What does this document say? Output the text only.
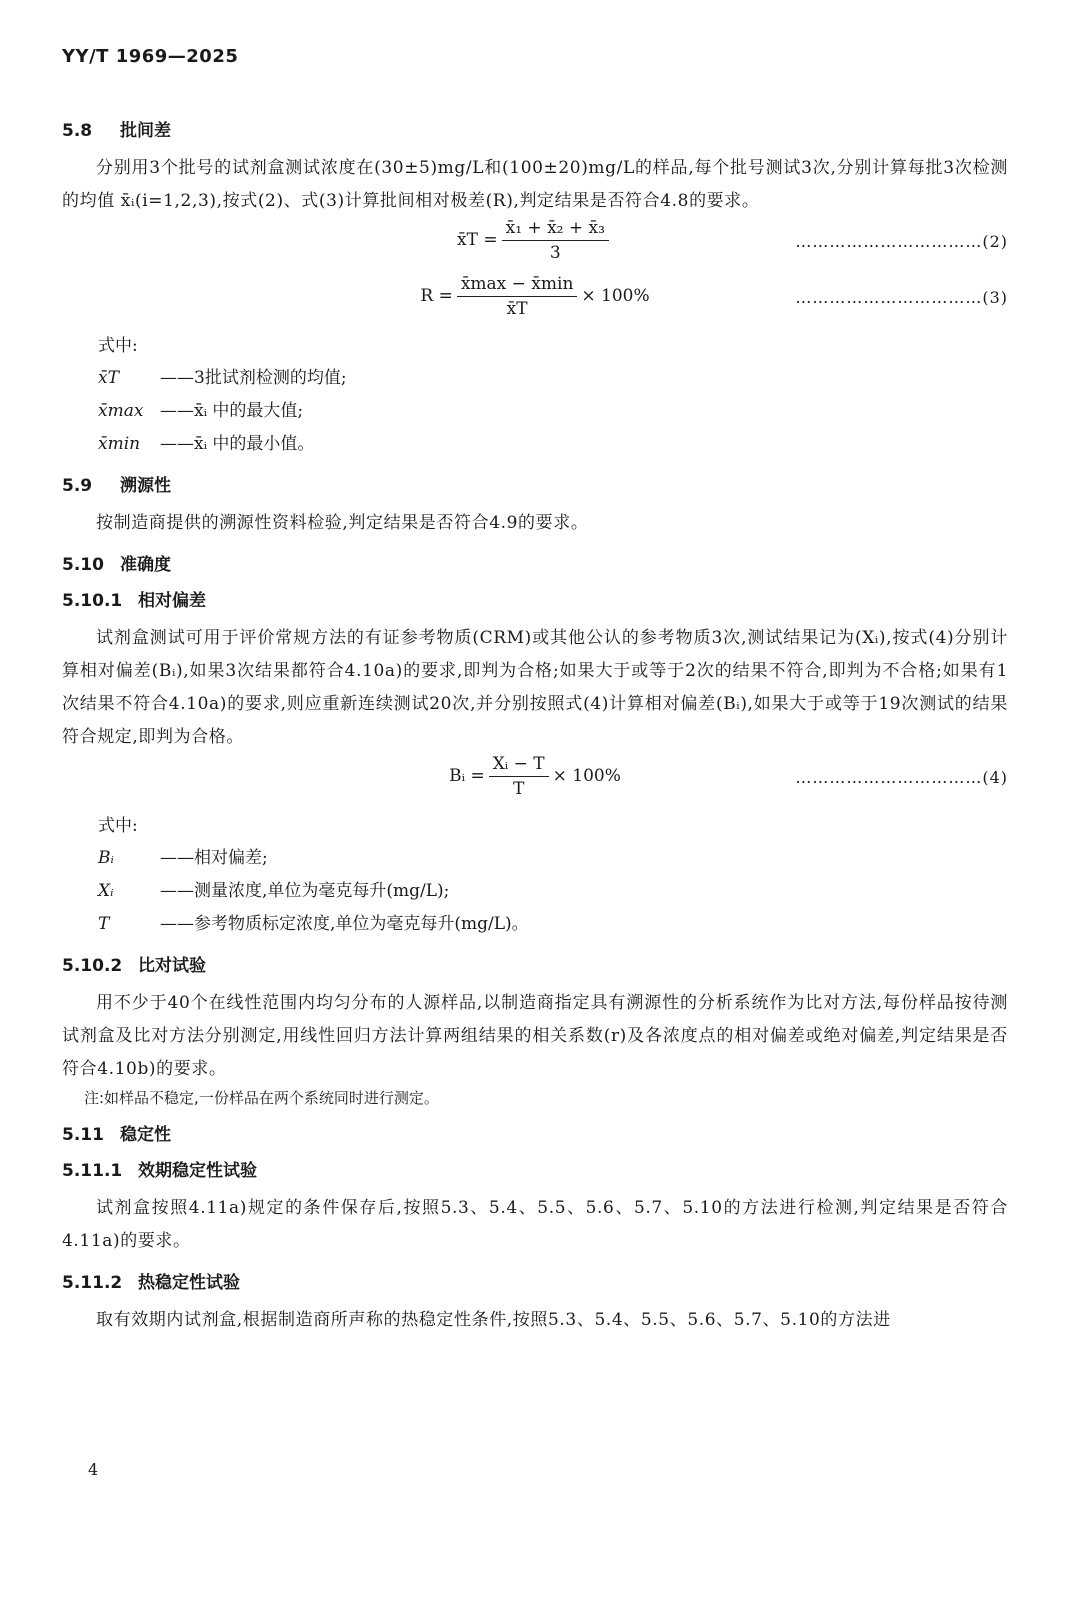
YY/T 1969—2025
5.8 批间差

分别用3个批号的试剂盒测试浓度在(30±5)mg/L和(100±20)mg/L的样品,每个批号测试3次,分别计算每批3次检测的均值 x̄ᵢ(i=1,2,3),按式(2)、式(3)计算批间相对极差(R),判定结果是否符合4.8的要求。

x̄T = $\frac{\text{x̄₁ + x̄₂ + x̄₃}}{3}$	……………………………(2)
$R = \frac{x̄\max - x̄\min}{x̄T} \times 100\%$	……………………………(3)
式中:
x̄T	——3批试剂检测的均值;
x̄max ——x̄ᵢ 中的最大值;
x̄min	——x̄ᵢ 中的最小值。
5.9 溯源性

按制造商提供的溯源性资料检验,判定结果是否符合4.9的要求。

5.10 准确度
5.10.1 相对偏差

试剂盒测试可用于评价常规方法的有证参考物质(CRM)或其他公认的参考物质3次,测试结果记为(Xᵢ),按式(4)分别计算相对偏差(Bᵢ),如果3次结果都符合4.10a)的要求,即判为合格;如果大于或等于2次的结果不符合,即判为不合格;如果有1次结果不符合4.10a)的要求,则应重新连续测试20次,并分别按照式(4)计算相对偏差(Bᵢ),如果大于或等于19次测试的结果符合规定,即判为合格。

Bᵢ = $\frac{\text{Xᵢ − T}}{T} \times 100\%$	……………………………(4)
式中:
Bᵢ	——相对偏差;
Xᵢ	——测量浓度,单位为毫克每升(mg/L);
T	——参考物质标定浓度,单位为毫克每升(mg/L)。
5.10.2 比对试验

用不少于40个在线性范围内均匀分布的人源样品,以制造商指定具有溯源性的分析系统作为比对方法,每份样品按待测试剂盒及比对方法分别测定,用线性回归方法计算两组结果的相关系数(r)及各浓度点的相对偏差或绝对偏差,判定结果是否符合4.10b)的要求。

注:如样品不稳定,一份样品在两个系统同时进行测定。
5.11 稳定性
5.11.1 效期稳定性试验

试剂盒按照4.11a)规定的条件保存后,按照5.3、5.4、5.5、5.6、5.7、5.10的方法进行检测,判定结果是否符合4.11a)的要求。

5.11.2 热稳定性试验

取有效期内试剂盒,根据制造商所声称的热稳定性条件,按照5.3、5.4、5.5、5.6、5.7、5.10的方法进

4
